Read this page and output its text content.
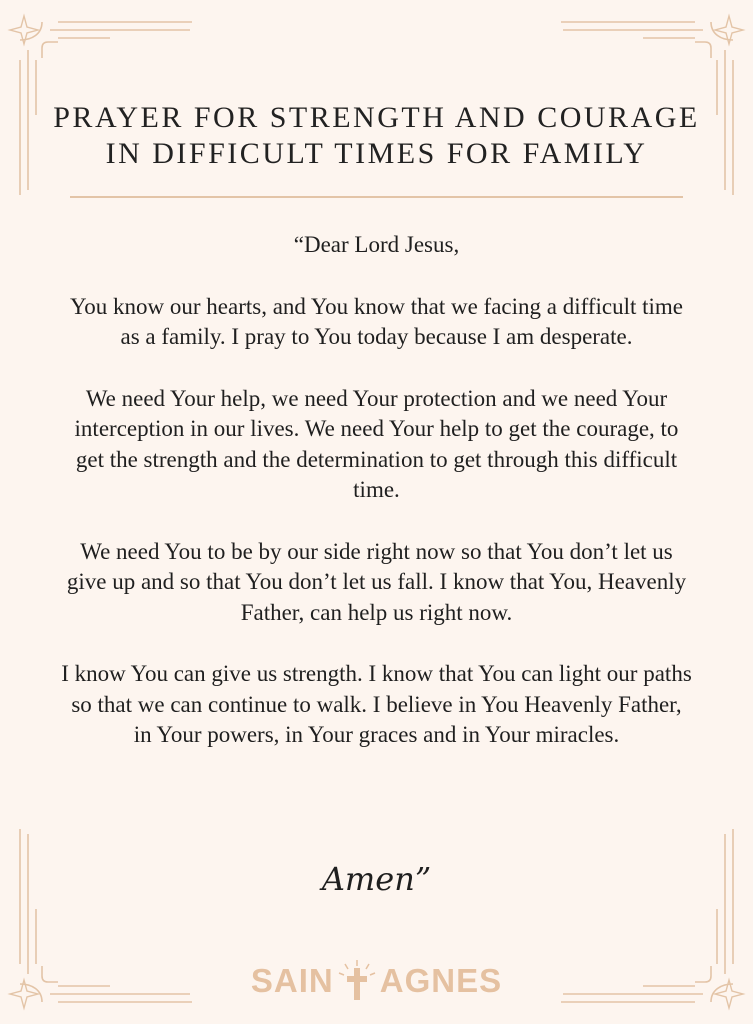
PRAYER FOR STRENGTH AND COURAGE
IN DIFFICULT TIMES FOR FAMILY

“Dear Lord Jesus,

You know our hearts, and You know that we facing a difficult time as a family. I pray to You today because I am desperate.

We need Your help, we need Your protection and we need Your interception in our lives. We need Your help to get the courage, to get the strength and the determination to get through this difficult time.

We need You to be by our side right now so that You don’t let us give up and so that You don’t let us fall. I know that You, Heavenly Father, can help us right now.

I know You can give us strength. I know that You can light our paths so that we can continue to walk. I believe in You Heavenly Father, in Your powers, in Your graces and in Your miracles.

Amen”
SAIN AGNES
